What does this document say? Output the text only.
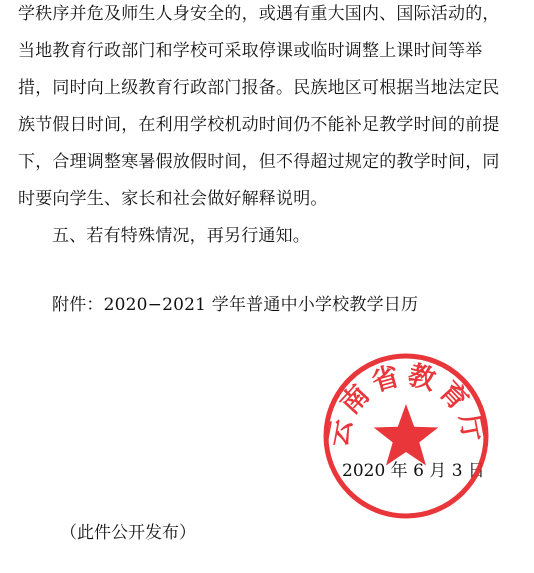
学秩序并危及师生人身安全的，或遇有重大国内、国际活动的，
当地教育行政部门和学校可采取停课或临时调整上课时间等举
措，同时向上级教育行政部门报备。民族地区可根据当地法定民
族节假日时间，在利用学校机动时间仍不能补足教学时间的前提
下，合理调整寒暑假放假时间，但不得超过规定的教学时间，同
时要向学生、家长和社会做好解释说明。
五、若有特殊情况，再另行通知。
附件：2020−2021 学年普通中小学校教学日历
2020 年 6 月 3 日
云南省教育厅
（此件公开发布）
